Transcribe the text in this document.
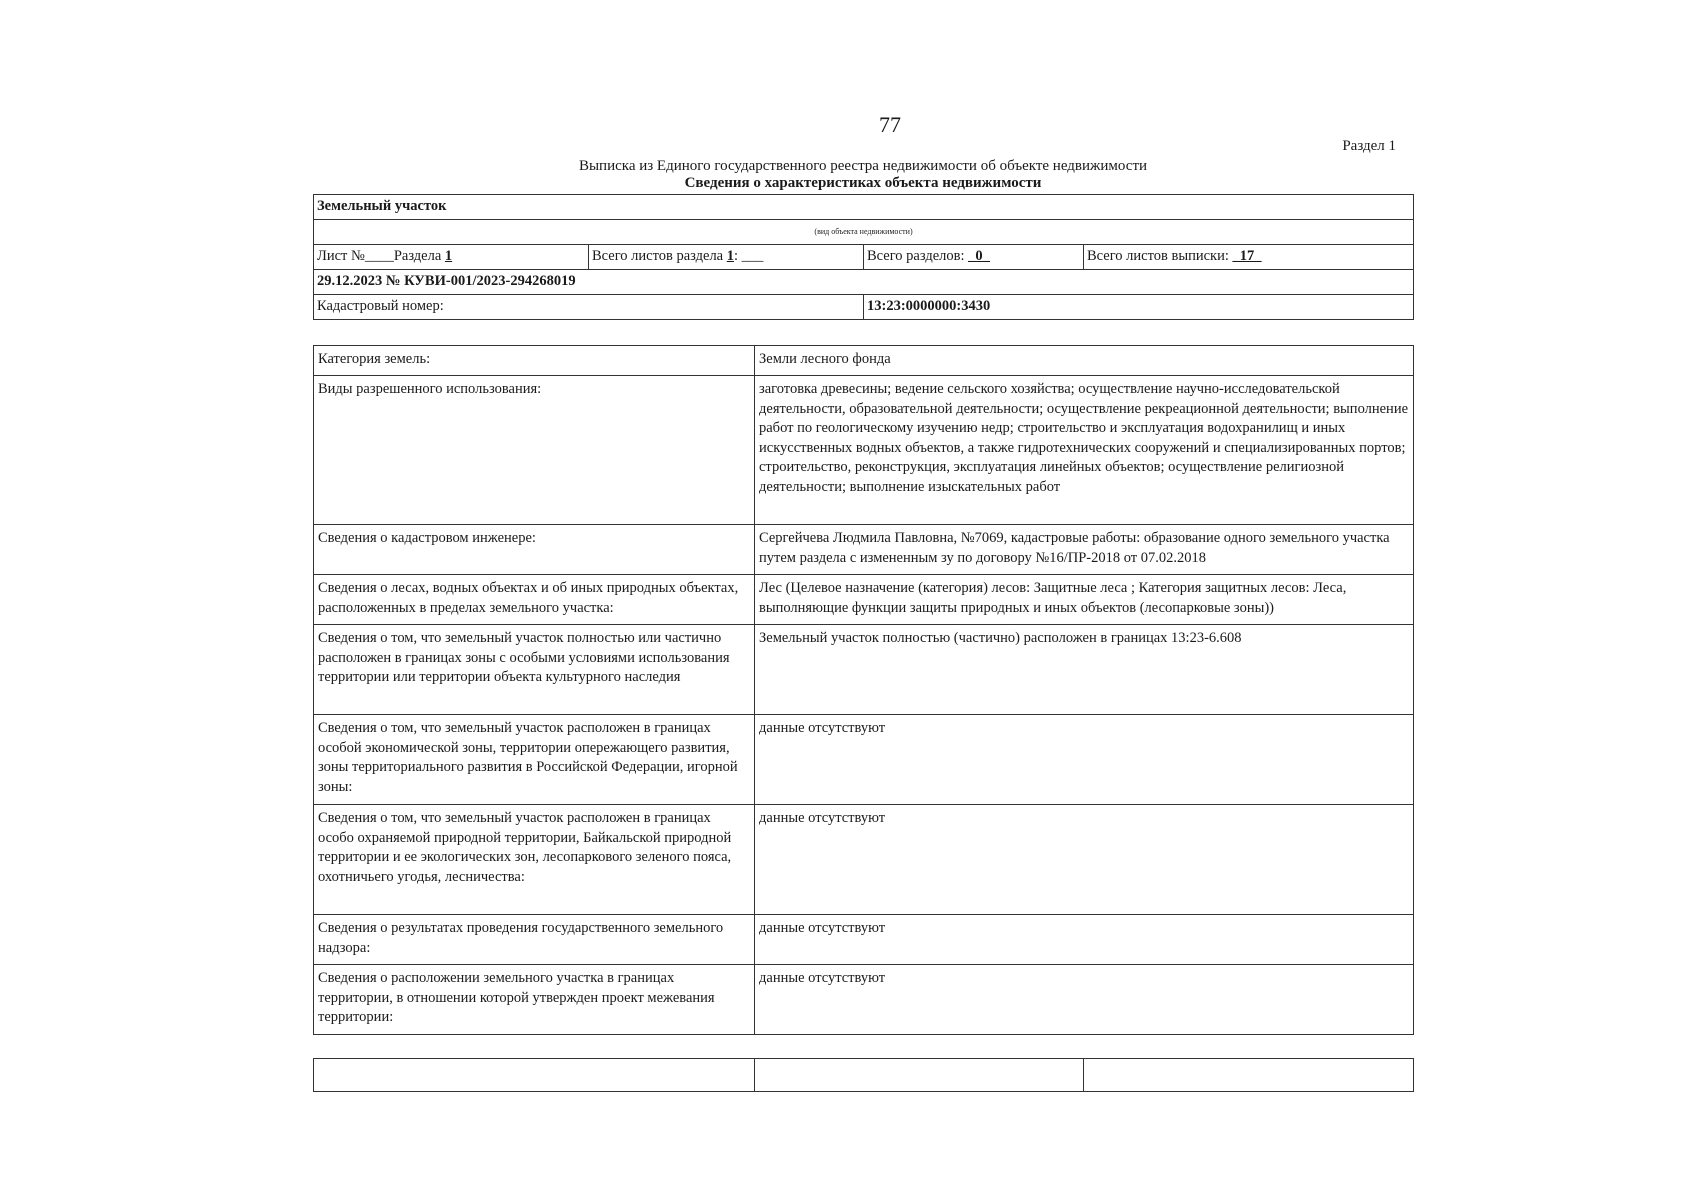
77
Раздел 1
Выписка из Единого государственного реестра недвижимости об объекте недвижимости
Сведения о характеристиках объекта недвижимости
Земельный участок			
(вид объекта недвижимости)			
Лист №____Раздела 1	Всего листов раздела 1: ___	Всего разделов: _0_	Всего листов выписки: _17_
29.12.2023 № КУВИ-001/2023-294268019			
Кадастровый номер:		13:23:0000000:3430	
Категория земель:	Земли лесного фонда
Виды разрешенного использования:	заготовка древесины; ведение сельского хозяйства; осуществление научно-исследовательской деятельности, образовательной деятельности; осуществление рекреационной деятельности; выполнение работ по геологическому изучению недр; строительство и эксплуатация водохранилищ и иных искусственных водных объектов, а также гидротехнических сооружений и специализированных портов; строительство, реконструкция, эксплуатация линейных объектов; осуществление религиозной деятельности; выполнение изыскательных работ
Сведения о кадастровом инженере:	Сергейчева Людмила Павловна, №7069, кадастровые работы: образование одного земельного участка путем раздела с измененным зу по договору №16/ПР-2018 от 07.02.2018
Сведения о лесах, водных объектах и об иных природных объектах, расположенных в пределах земельного участка:	Лес (Целевое назначение (категория) лесов: Защитные леса ; Категория защитных лесов: Леса, выполняющие функции защиты природных и иных объектов (лесопарковые зоны))
Сведения о том, что земельный участок полностью или частично расположен в границах зоны с особыми условиями использования территории или территории объекта культурного наследия	Земельный участок полностью (частично) расположен в границах 13:23-6.608
Сведения о том, что земельный участок расположен в границах особой экономической зоны, территории опережающего развития, зоны территориального развития в Российской Федерации, игорной зоны:	данные отсутствуют
Сведения о том, что земельный участок расположен в границах особо охраняемой природной территории, Байкальской природной территории и ее экологических зон, лесопаркового зеленого пояса, охотничьего угодья, лесничества:	данные отсутствуют
Сведения о результатах проведения государственного земельного надзора:	данные отсутствуют
Сведения о расположении земельного участка в границах территории, в отношении которой утвержден проект межевания территории:	данные отсутствуют
